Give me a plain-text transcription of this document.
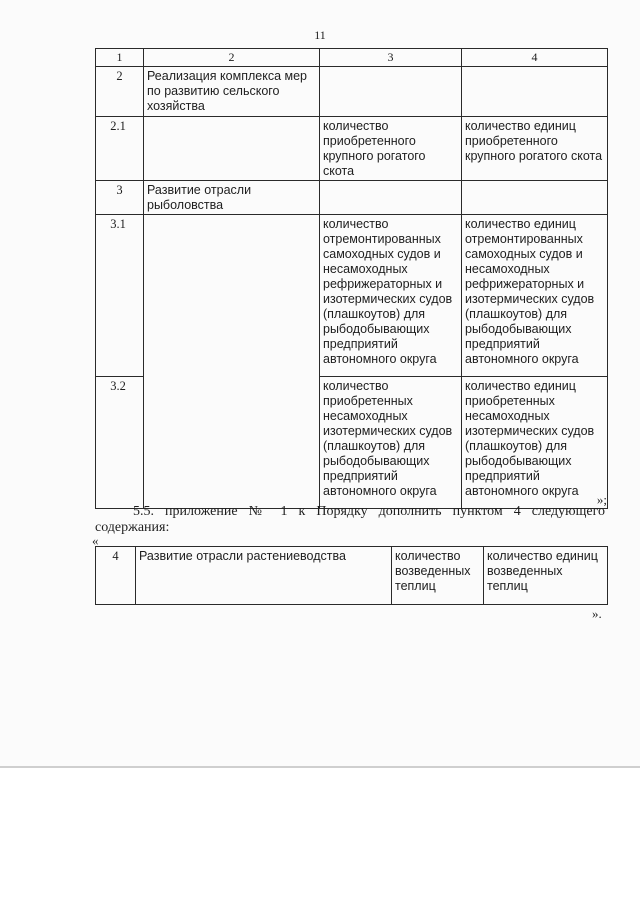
11
1	2	3	4
2	Реализация комплекса мер по развитию сельского хозяйства		
2.1		количество приобретенного крупного рогатого скота	количество единиц приобретенного крупного рогатого скота
3	Развитие отрасли рыболовства		
3.1		количество отремонтированных самоходных судов и несамоходных рефрижераторных и изотермических судов (плашкоутов) для рыбодобывающих предприятий автономного округа	количество единиц отремонтированных самоходных судов и несамоходных рефрижераторных и изотермических судов (плашкоутов) для рыбодобывающих предприятий автономного округа
3.2		количество приобретенных несамоходных изотермических судов (плашкоутов) для рыбодобывающих предприятий автономного округа	количество единиц приобретенных несамоходных изотермических судов (плашкоутов) для рыбодобывающих предприятий автономного округа
»;
5.5. приложение № 1 к Порядку дополнить пунктом 4 следующего
содержания:
«
4	Развитие отрасли растениеводства	количество возведенных теплиц	количество единиц возведенных теплиц
».
